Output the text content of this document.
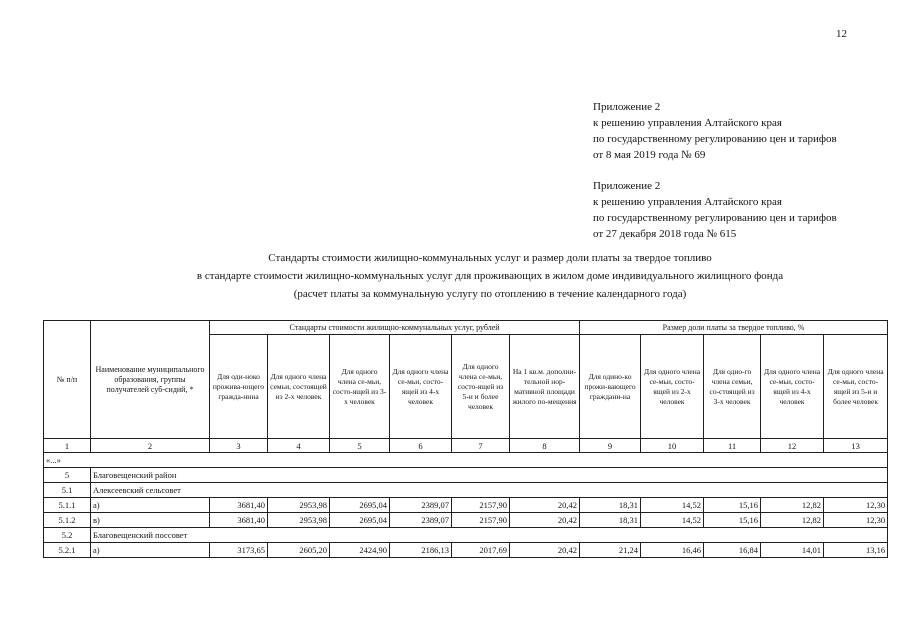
12
Приложение 2
к решению управления Алтайского края
по государственному регулированию цен и тарифов
от 8 мая 2019 года № 69
Приложение 2
к решению управления Алтайского края
по государственному регулированию цен и тарифов
от 27 декабря 2018 года № 615
Стандарты стоимости жилищно-коммунальных услуг и размер доли платы за твердое топливо
в стандарте стоимости жилищно-коммунальных услуг для проживающих в жилом доме индивидуального жилищного фонда
(расчет платы за коммунальную услугу по отоплению в течение календарного года)
№ п/п	Наименование муниципального образования, группы получателей суб-сидий, *	Стандарты стоимости жилищно-коммунальных услуг, рублей						Размер доли платы за твердое топливо, %				
		Для оди-ноко прожива-ющего гражда-нина	Для одного члена семьи, состоящей из 2-х человек	Для одного члена се-мьи, состо-ящей из 3-х человек	Для одного члена се-мьи, состо-ящей из 4-х человек	Для одного члена се-мьи, состо-ящей из 5-и и более человек	На 1 кв.м. дополни-тельной нор-мативной площади жилого по-мещения	Для одино-ко прожи-вающего граждани-на	Для одного члена се-мьи, состо-ящей из 2-х человек	Для одно-го члена семьи, со-стоящей из 3-х человек	Для одного члена се-мьи, состо-ящей из 4-х человек	Для одного члена се-мьи, состо-ящей из 5-и и более человек
1	2	3	4	5	6	7	8	9	10	11	12	13
«...»												
5	Благовещенский район											
5.1	Алексеевский сельсовет											
5.1.1	а)	3681,40	2953,98	2695,04	2389,07	2157,90	20,42	18,31	14,52	15,16	12,82	12,30
5.1.2	в)	3681,40	2953,98	2695,04	2389,07	2157,90	20,42	18,31	14,52	15,16	12,82	12,30
5.2	Благовещенский поссовет											
5.2.1	а)	3173,65	2605,20	2424,90	2186,13	2017,69	20,42	21,24	16,46	16,84	14,01	13,16
